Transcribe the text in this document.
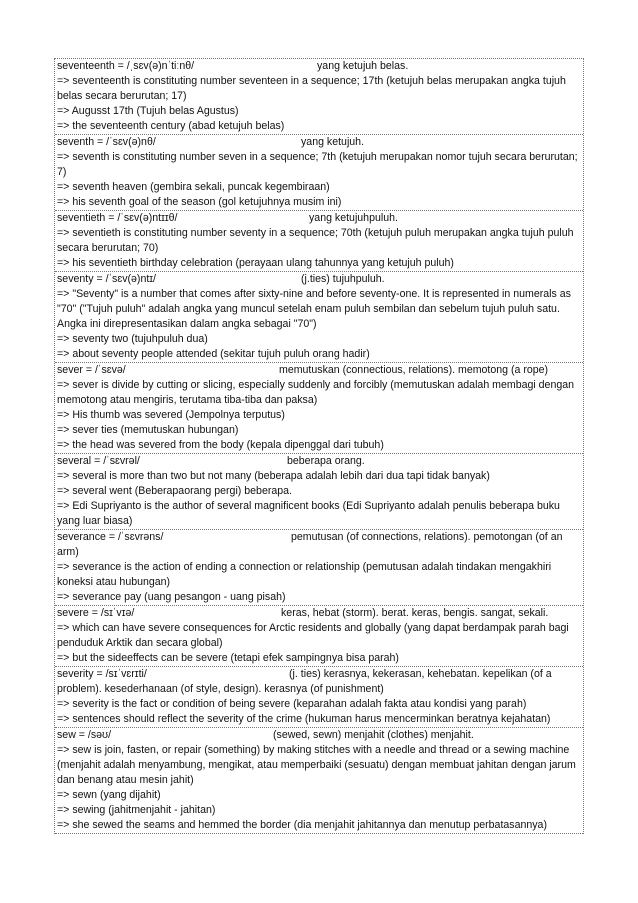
seventeenth = /ˌsɛv(ə)nˈtiːnθ/	yang ketujuh belas.
=> seventeenth is constituting number seventeen in a sequence; 17th (ketujuh belas merupakan angka tujuh belas secara berurutan; 17)
=> Augusst 17th (Tujuh belas Agustus)
=> the seventeenth century (abad ketujuh belas)
seventh = /ˈsɛv(ə)nθ/	yang ketujuh.
=> seventh is constituting number seven in a sequence; 7th (ketujuh merupakan nomor tujuh secara berurutan; 7)
=> seventh heaven (gembira sekali, puncak kegembiraan)
=> his seventh goal of the season (gol ketujuhnya musim ini)
seventieth = /ˈsɛv(ə)ntɪɪθ/	yang ketujuhpuluh.
=> seventieth is constituting number seventy in a sequence; 70th (ketujuh puluh merupakan angka tujuh puluh secara berurutan; 70)
=> his seventieth birthday celebration (perayaan ulang tahunnya yang ketujuh puluh)
seventy = /ˈsɛv(ə)ntɪ/	(j.ties) tujuhpuluh.
=> "Seventy" is a number that comes after sixty-nine and before seventy-one. It is represented in numerals as "70" ("Tujuh puluh" adalah angka yang muncul setelah enam puluh sembilan dan sebelum tujuh puluh satu. Angka ini direpresentasikan dalam angka sebagai "70")
=> seventy two (tujuhpuluh dua)
=> about seventy people attended (sekitar tujuh puluh orang hadir)
sever = /ˈsɛvə/	memutuskan (connectious, relations). memotong (a rope)
=> sever is divide by cutting or slicing, especially suddenly and forcibly (memutuskan adalah membagi dengan memotong atau mengiris, terutama tiba-tiba dan paksa)
=> His thumb was severed (Jempolnya terputus)
=> sever ties (memutuskan hubungan)
=> the head was severed from the body (kepala dipenggal dari tubuh)
several = /ˈsɛvrəl/	beberapa orang.
=> several is more than two but not many (beberapa adalah lebih dari dua tapi tidak banyak)
=> several went (Beberapaorang pergi) beberapa.
=> Edi Supriyanto is the author of several magnificent books (Edi Supriyanto adalah penulis beberapa buku yang luar biasa)
severance = /ˈsɛvrəns/	pemutusan (of connections, relations). pemotongan (of an
arm)
=> severance is the action of ending a connection or relationship (pemutusan adalah tindakan mengakhiri koneksi atau hubungan)
=> severance pay (uang pesangon - uang pisah)
severe = /sɪˈvɪə/	keras, hebat (storm). berat. keras, bengis. sangat, sekali.
=> which can have severe consequences for Arctic residents and globally (yang dapat berdampak parah bagi penduduk Arktik dan secara global)
=> but the sideeffects can be severe (tetapi efek sampingnya bisa parah)
severity = /sɪˈvɛrɪti/	(j. ties) kerasnya, kekerasan, kehebatan. kepelikan (of a
problem). kesederhanaan (of style, design). kerasnya (of punishment)
=> severity is the fact or condition of being severe (keparahan adalah fakta atau kondisi yang parah)
=> sentences should reflect the severity of the crime (hukuman harus mencerminkan beratnya kejahatan)
sew = /səʊ/	(sewed, sewn) menjahit (clothes) menjahit.
=> sew is join, fasten, or repair (something) by making stitches with a needle and thread or a sewing machine (menjahit adalah menyambung, mengikat, atau memperbaiki (sesuatu) dengan membuat jahitan dengan jarum dan benang atau mesin jahit)
=> sewn (yang dijahit)
=> sewing (jahitmenjahit - jahitan)
=> she sewed the seams and hemmed the border (dia menjahit jahitannya dan menutup perbatasannya)
